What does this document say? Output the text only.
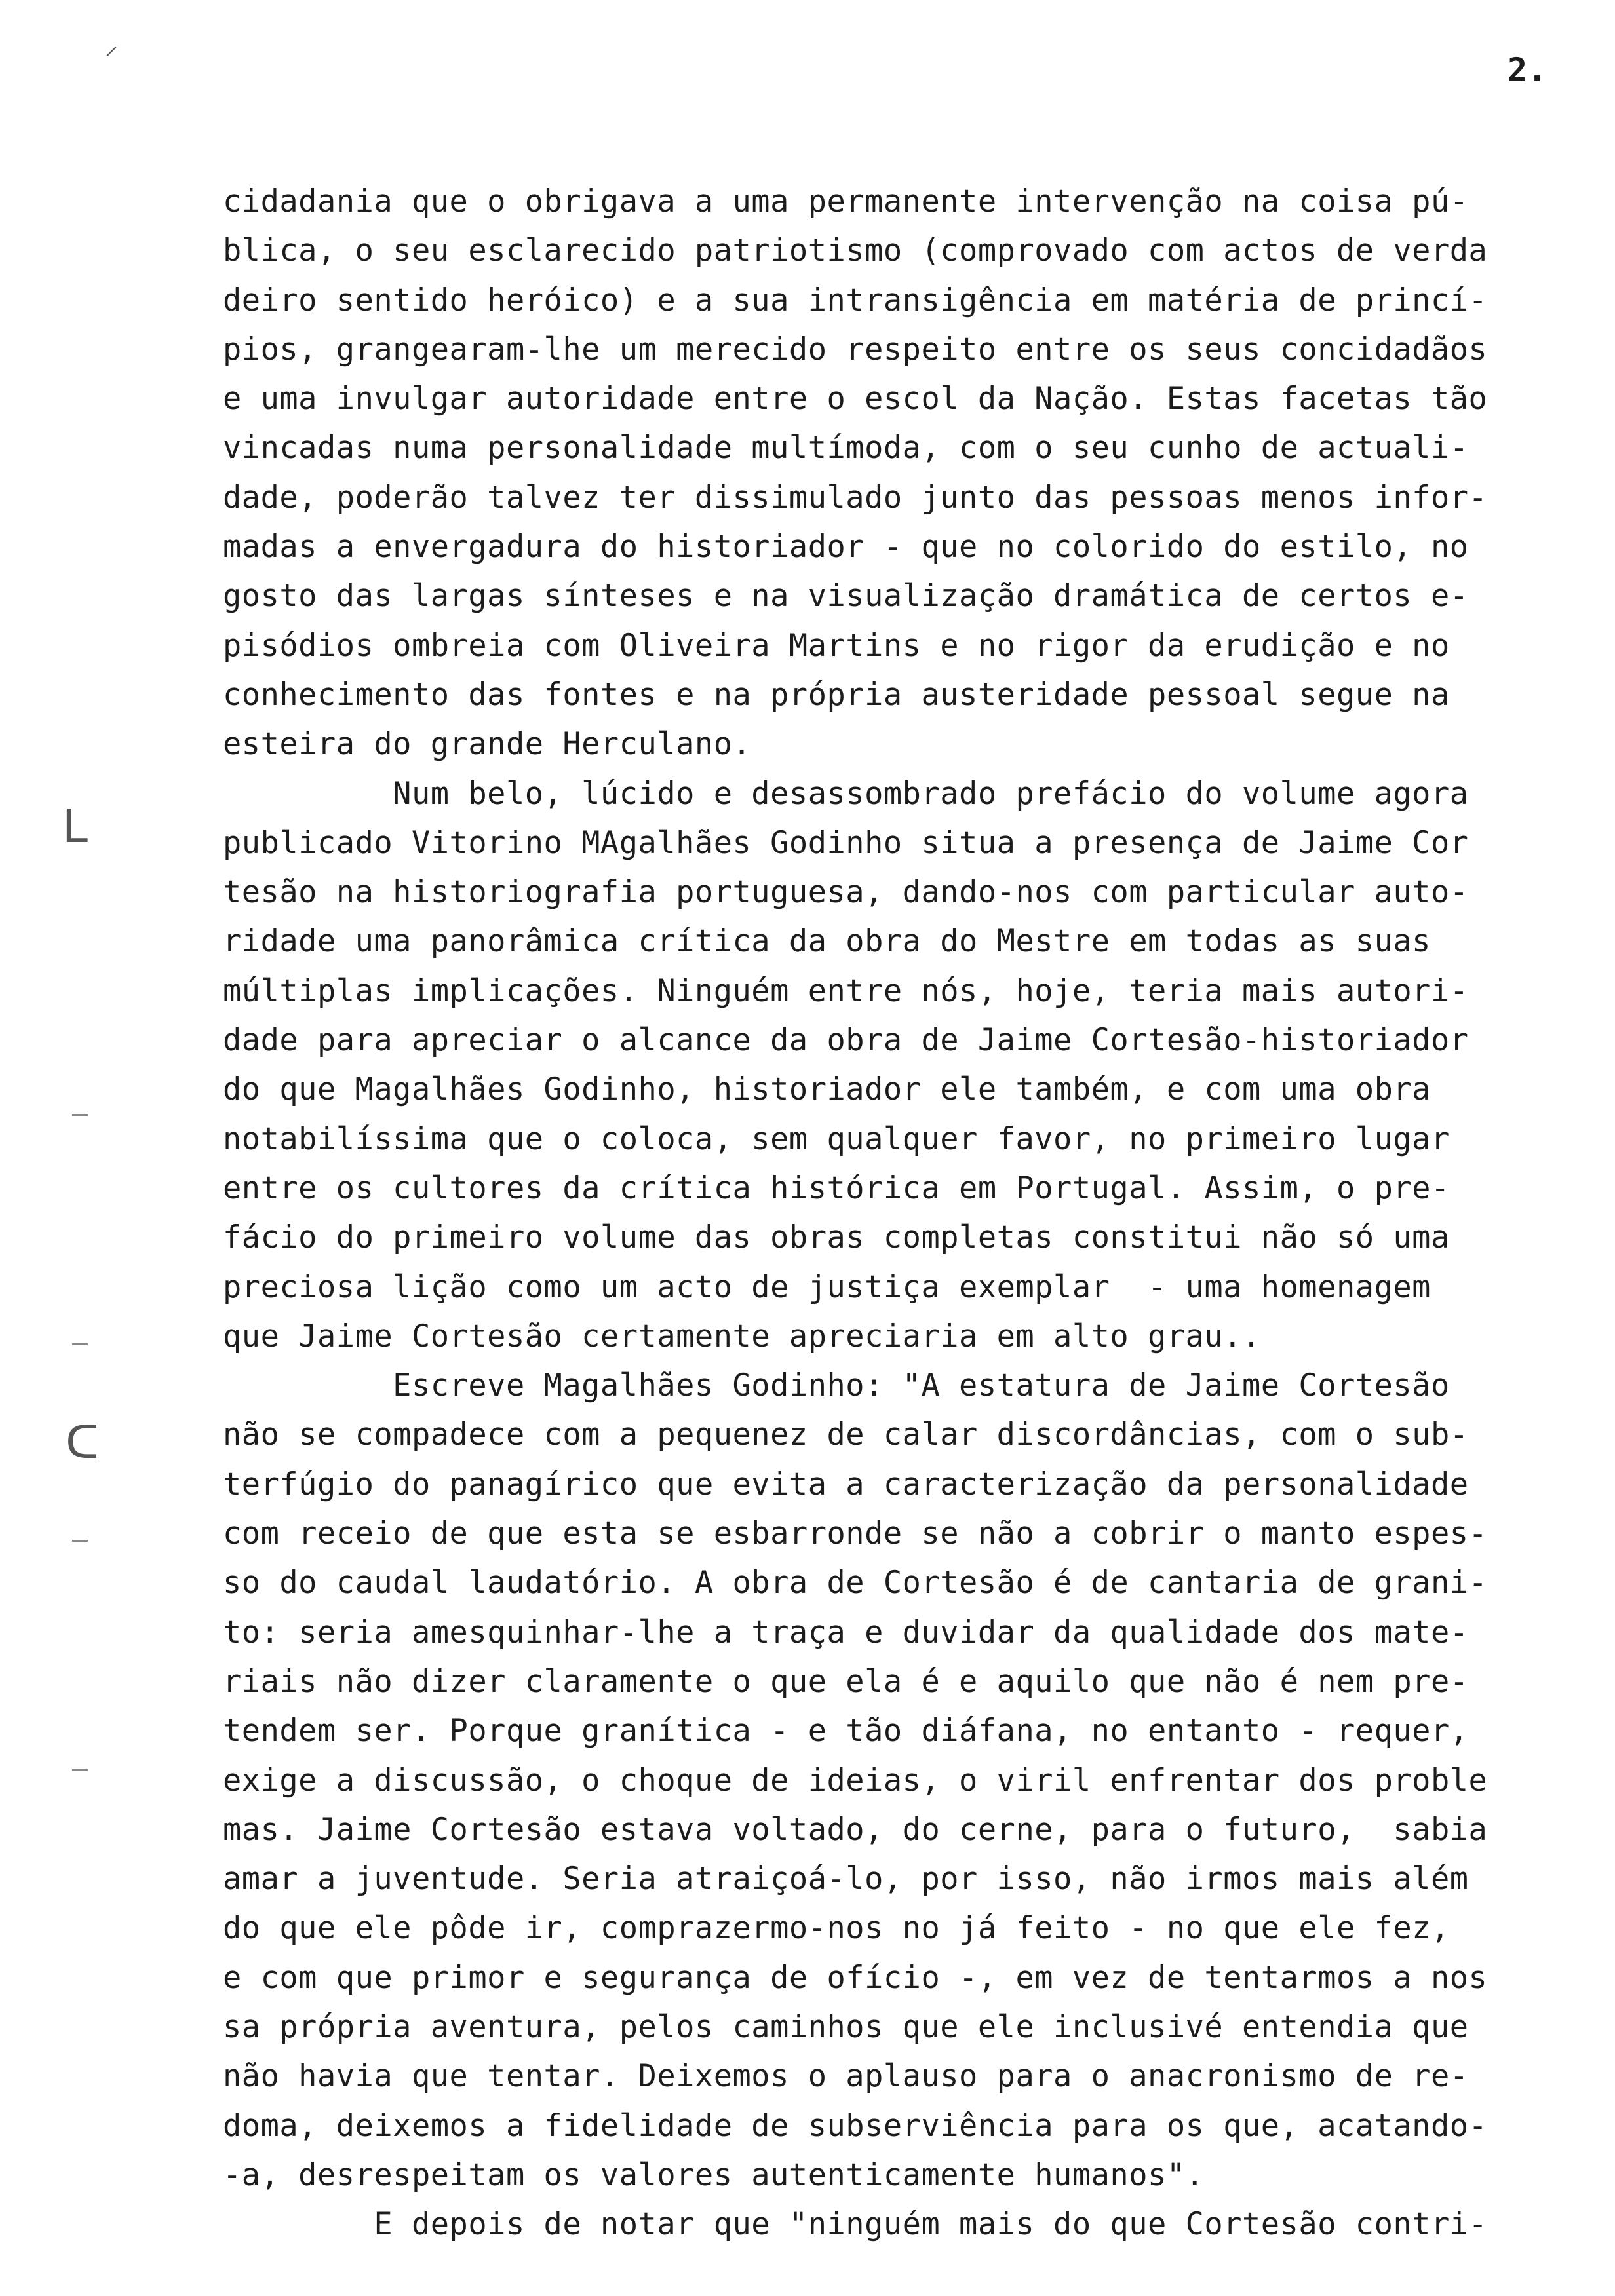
⸝
ᒪ
ᑕ
2.
cidadania que o obrigava a uma permanente intervenção na coisa pú-
blica, o seu esclarecido patriotismo (comprovado com actos de verda
deiro sentido heróico) e a sua intransigência em matéria de princí-
pios, grangearam-lhe um merecido respeito entre os seus concidadãos
e uma invulgar autoridade entre o escol da Nação. Estas facetas tão
vincadas numa personalidade multímoda, com o seu cunho de actuali-
dade, poderão talvez ter dissimulado junto das pessoas menos infor-
madas a envergadura do historiador - que no colorido do estilo, no
gosto das largas sínteses e na visualização dramática de certos e-
pisódios ombreia com Oliveira Martins e no rigor da erudição e no
conhecimento das fontes e na própria austeridade pessoal segue na
esteira do grande Herculano.
Num belo, lúcido e desassombrado prefácio do volume agora
publicado Vitorino MAgalhães Godinho situa a presença de Jaime Cor
tesão na historiografia portuguesa, dando-nos com particular auto-
ridade uma panorâmica crítica da obra do Mestre em todas as suas
múltiplas implicações. Ninguém entre nós, hoje, teria mais autori-
dade para apreciar o alcance da obra de Jaime Cortesão-historiador
do que Magalhães Godinho, historiador ele também, e com uma obra
notabilíssima que o coloca, sem qualquer favor, no primeiro lugar
entre os cultores da crítica histórica em Portugal. Assim, o pre-
fácio do primeiro volume das obras completas constitui não só uma
preciosa lição como um acto de justiça exemplar  - uma homenagem
que Jaime Cortesão certamente apreciaria em alto grau..
Escreve Magalhães Godinho: "A estatura de Jaime Cortesão
não se compadece com a pequenez de calar discordâncias, com o sub-
terfúgio do panagírico que evita a caracterização da personalidade
com receio de que esta se esbarronde se não a cobrir o manto espes-
so do caudal laudatório. A obra de Cortesão é de cantaria de grani-
to: seria amesquinhar-lhe a traça e duvidar da qualidade dos mate-
riais não dizer claramente o que ela é e aquilo que não é nem pre-
tendem ser. Porque granítica - e tão diáfana, no entanto - requer,
exige a discussão, o choque de ideias, o viril enfrentar dos proble
mas. Jaime Cortesão estava voltado, do cerne, para o futuro,  sabia
amar a juventude. Seria atraiçoá-lo, por isso, não irmos mais além
do que ele pôde ir, comprazermo-nos no já feito - no que ele fez,
e com que primor e segurança de ofício -, em vez de tentarmos a nos
sa própria aventura, pelos caminhos que ele inclusivé entendia que
não havia que tentar. Deixemos o aplauso para o anacronismo de re-
doma, deixemos a fidelidade de subserviência para os que, acatando-
-a, desrespeitam os valores autenticamente humanos".
E depois de notar que "ninguém mais do que Cortesão contri-
